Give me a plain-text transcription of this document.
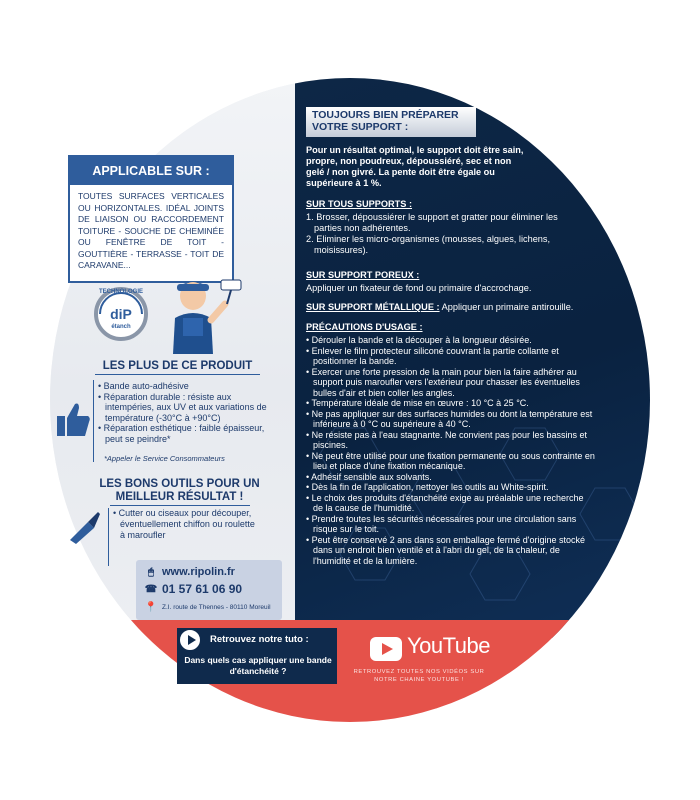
APPLICABLE SUR :
TOUTES SURFACES VERTICALES OU HORIZONTALES. IDÉAL JOINTS DE LIAISON OU RACCORDEMENT TOITURE - SOUCHE DE CHEMINÉE OU FENÊTRE DE TOIT - GOUTTIÈRE - TERRASSE - TOIT DE CARAVANE...
TECHNOLOGIE
diP
étanch
LES PLUS DE CE PRODUIT
• Bande auto-adhésive
• Réparation durable : résiste aux intempéries, aux UV et aux variations de température (-30°C à +90°C)
• Réparation esthétique : faible épaisseur, peut se peindre*
*Appeler le Service Consommateurs
LES BONS OUTILS POUR UN MEILLEUR RÉSULTAT !
• Cutter ou ciseaux pour découper, éventuellement chiffon ou roulette à maroufler
🖱 www.ripolin.fr
☎ 01 57 61 06 90
📍 Z.I. route de Thennes - 80110 Moreuil
TOUJOURS BIEN PRÉPARER VOTRE SUPPORT :
Pour un résultat optimal, le support doit être sain, propre, non poudreux, dépoussiéré, sec et non gelé / non givré. La pente doit être égale ou supérieure à 1 %.
SUR TOUS SUPPORTS :
1. Brosser, dépoussiérer le support et gratter pour éliminer les parties non adhérentes.
2. Eliminer les micro-organismes (mousses, algues, lichens, moisissures).
SUR SUPPORT POREUX :
Appliquer un fixateur de fond ou primaire d'accrochage.
SUR SUPPORT MÉTALLIQUE : Appliquer un primaire antirouille.
PRÉCAUTIONS D'USAGE :
• Dérouler la bande et la découper à la longueur désirée.
• Enlever le film protecteur siliconé couvrant la partie collante et positionner la bande.
• Exercer une forte pression de la main pour bien la faire adhérer au support puis maroufler vers l'extérieur pour chasser les éventuelles bulles d'air et bien coller les angles.
• Température idéale de mise en œuvre : 10 °C à 25 °C.
• Ne pas appliquer sur des surfaces humides ou dont la température est inférieure à 0 °C ou supérieure à 40 °C.
• Ne résiste pas à l'eau stagnante. Ne convient pas pour les bassins et piscines.
• Ne peut être utilisé pour une fixation permanente ou sous contrainte en lieu et place d'une fixation mécanique.
• Adhésif sensible aux solvants.
• Dès la fin de l'application, nettoyer les outils au White-spirit.
• Le choix des produits d'étanchéité exige au préalable une recherche de la cause de l'humidité.
• Prendre toutes les sécurités nécessaires pour une circulation sans risque sur le toit.
• Peut être conservé 2 ans dans son emballage fermé d'origine stocké dans un endroit bien ventilé et à l'abri du gel, de la chaleur, de l'humidité et de la lumière.
Retrouvez notre tuto :
Dans quels cas appliquer une bande d'étanchéité ?
YouTube
RETROUVEZ TOUTES NOS VIDÉOS SUR NOTRE CHAINE YOUTUBE !
